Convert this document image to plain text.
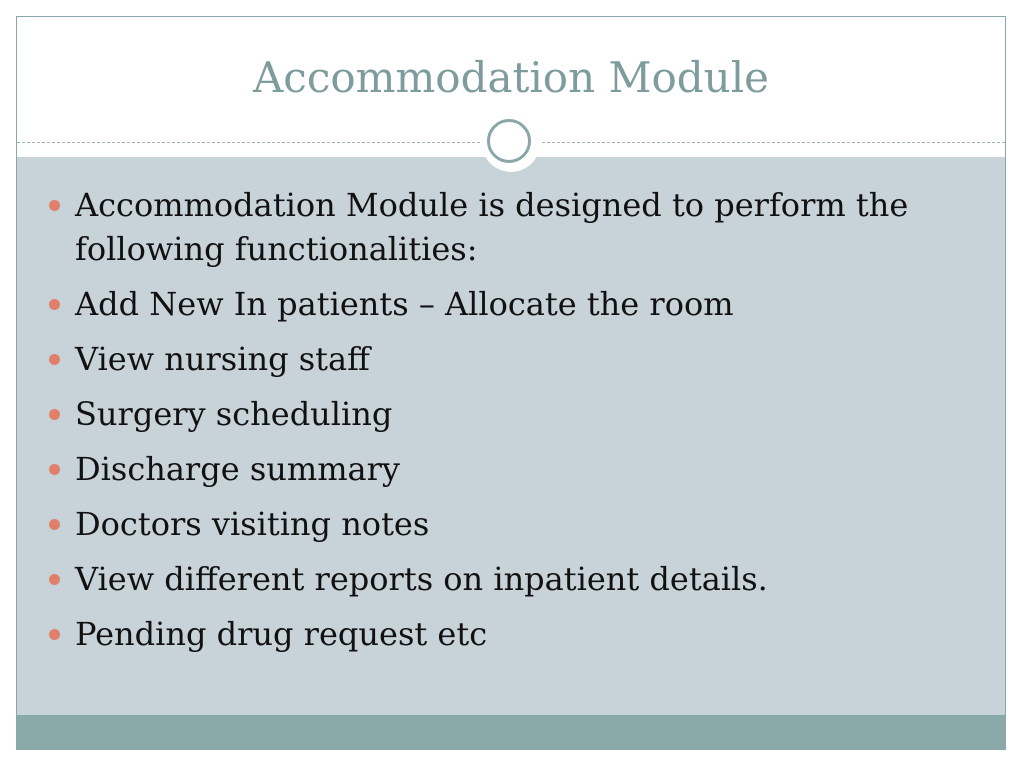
Accommodation Module
Accommodation Module is designed to perform the following functionalities:
Add New In patients – Allocate the room
View nursing staff
Surgery scheduling
Discharge summary
Doctors visiting notes
View different reports on inpatient details.
Pending drug request etc
